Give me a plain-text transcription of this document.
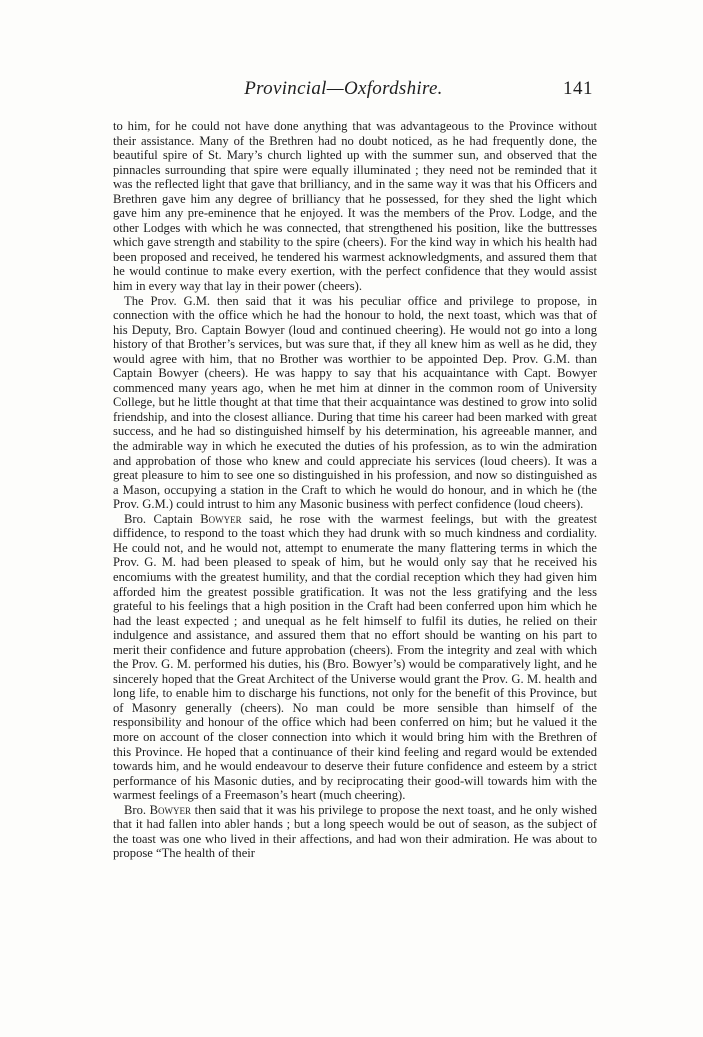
Provincial—Oxfordshire.	141

to him, for he could not have done anything that was advantageous to the Province without their assistance. Many of the Brethren had no doubt noticed, as he had frequently done, the beautiful spire of St. Mary’s church lighted up with the summer sun, and observed that the pinnacles surrounding that spire were equally illuminated ; they need not be reminded that it was the reflected light that gave that brilliancy, and in the same way it was that his Officers and Brethren gave him any degree of brilliancy that he possessed, for they shed the light which gave him any pre-eminence that he enjoyed. It was the members of the Prov. Lodge, and the other Lodges with which he was connected, that strengthened his position, like the buttresses which gave strength and stability to the spire (cheers). For the kind way in which his health had been proposed and received, he tendered his warmest acknowledgments, and assured them that he would continue to make every exertion, with the perfect confidence that they would assist him in every way that lay in their power (cheers).

The Prov. G.M. then said that it was his peculiar office and privilege to propose, in connection with the office which he had the honour to hold, the next toast, which was that of his Deputy, Bro. Captain Bowyer (loud and continued cheering). He would not go into a long history of that Brother’s services, but was sure that, if they all knew him as well as he did, they would agree with him, that no Brother was worthier to be appointed Dep. Prov. G.M. than Captain Bowyer (cheers). He was happy to say that his acquaintance with Capt. Bowyer commenced many years ago, when he met him at dinner in the common room of University College, but he little thought at that time that their acquaintance was destined to grow into solid friendship, and into the closest alliance. During that time his career had been marked with great success, and he had so distinguished himself by his determination, his agreeable manner, and the admirable way in which he executed the duties of his profession, as to win the admiration and approbation of those who knew and could appreciate his services (loud cheers). It was a great pleasure to him to see one so distinguished in his profession, and now so distinguished as a Mason, occupying a station in the Craft to which he would do honour, and in which he (the Prov. G.M.) could intrust to him any Masonic business with perfect confidence (loud cheers).

Bro. Captain Bowyer said, he rose with the warmest feelings, but with the greatest diffidence, to respond to the toast which they had drunk with so much kindness and cordiality. He could not, and he would not, attempt to enumerate the many flattering terms in which the Prov. G. M. had been pleased to speak of him, but he would only say that he received his encomiums with the greatest humility, and that the cordial reception which they had given him afforded him the greatest possible gratification. It was not the less gratifying and the less grateful to his feelings that a high position in the Craft had been conferred upon him which he had the least expected ; and unequal as he felt himself to fulfil its duties, he relied on their indulgence and assistance, and assured them that no effort should be wanting on his part to merit their confidence and future approbation (cheers). From the integrity and zeal with which the Prov. G. M. performed his duties, his (Bro. Bowyer’s) would be comparatively light, and he sincerely hoped that the Great Architect of the Universe would grant the Prov. G. M. health and long life, to enable him to discharge his functions, not only for the benefit of this Province, but of Masonry generally (cheers). No man could be more sensible than himself of the responsibility and honour of the office which had been conferred on him; but he valued it the more on account of the closer connection into which it would bring him with the Brethren of this Province. He hoped that a continuance of their kind feeling and regard would be extended towards him, and he would endeavour to deserve their future confidence and esteem by a strict performance of his Masonic duties, and by reciprocating their good-will towards him with the warmest feelings of a Freemason’s heart (much cheering).

Bro. Bowyer then said that it was his privilege to propose the next toast, and he only wished that it had fallen into abler hands ; but a long speech would be out of season, as the subject of the toast was one who lived in their affections, and had won their admiration. He was about to propose “The health of their
